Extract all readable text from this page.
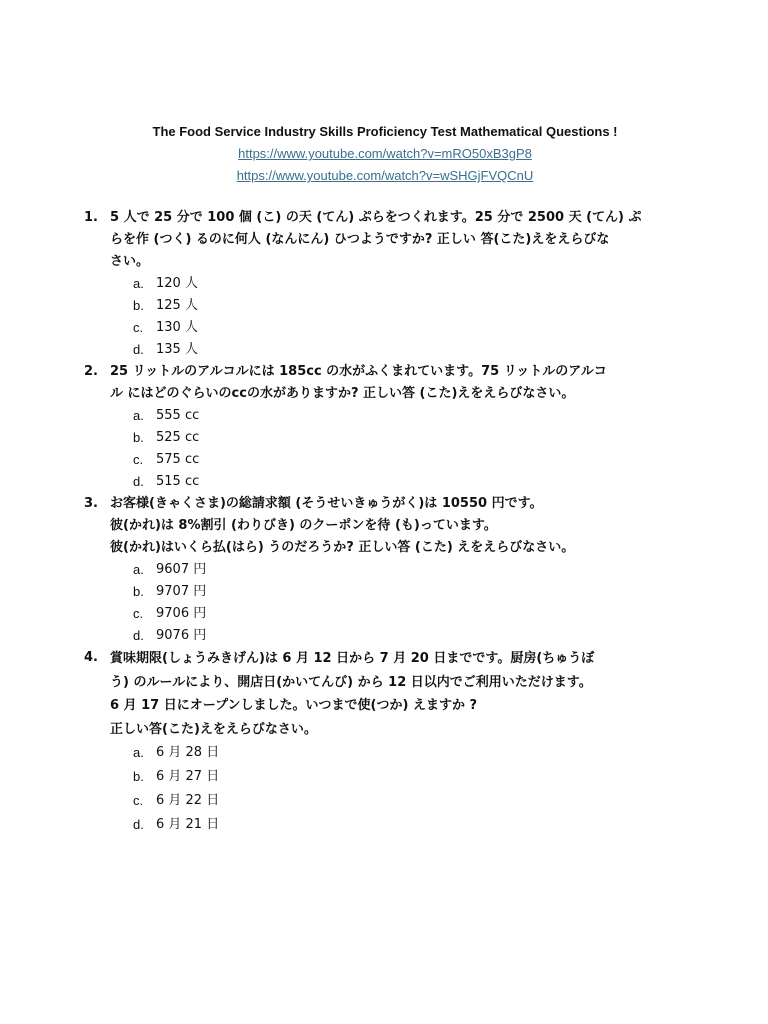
The Food Service Industry Skills Proficiency Test Mathematical Questions !
https://www.youtube.com/watch?v=mRO50xB3gP8
https://www.youtube.com/watch?v=wSHGjFVQCnU
1. 5 人で 25 分で 100 個 (こ) の天 (てん) ぷらをつくれます。25 分で 2500 天 (てん) ぷ
らを作 (つく) るのに何人 (なんにん) ひつようですか? 正しい 答(こた)えをえらびな
さい。
a. 120 人
b. 125 人
c. 130 人
d. 135 人
2. 25 リットルのアルコルには 185cc の水がふくまれています。75 リットルのアルコ
ル にはどのぐらいのccの水がありますか? 正しい答 (こた)えをえらびなさい。
a. 555 cc
b. 525 cc
c. 575 cc
d. 515 cc
3. お客様(きゃくさま)の総請求額 (そうせいきゅうがく)は 10550 円です。
彼(かれ)は 8%割引 (わりびき) のクーポンを待 (も)っています。
彼(かれ)はいくら払(はら) うのだろうか? 正しい答 (こた) えをえらびなさい。
a. 9607 円
b. 9707 円
c. 9706 円
d. 9076 円
4. 賞味期限(しょうみきげん)は 6 月 12 日から 7 月 20 日までです。厨房(ちゅうぼ
う) のルールにより、開店日(かいてんび) から 12 日以内でご利用いただけます。
6 月 17 日にオープンしました。いつまで使(つか) えますか ?
正しい答(こた)えをえらびなさい。
a. 6 月 28 日
b. 6 月 27 日
c. 6 月 22 日
d. 6 月 21 日
